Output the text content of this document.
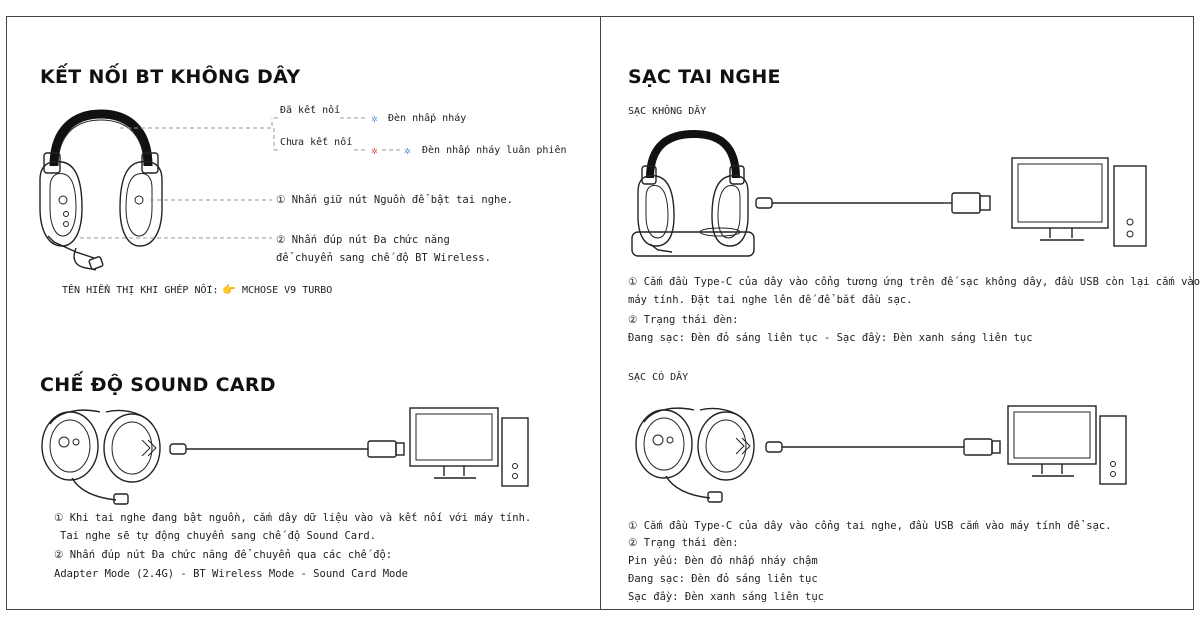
KẾT NỐI BT KHÔNG DÂY
Đã kết nối
✲ Đèn nhấp nháy
Chưa kết nối
✲ ✲ Đèn nhấp nháy luân phiên
① Nhấn giữ nút Nguồn để bật tai nghe.
② Nhấn đúp nút Đa chức năng
để chuyển sang chế độ BT Wireless.
TÊN HIỂN THỊ KHI GHÉP NỐI: 👉 MCHOSE V9 TURBO
CHẾ ĐỘ SOUND CARD
① Khi tai nghe đang bật nguồn, cắm dây dữ liệu vào và kết nối với máy tính.
Tai nghe sẽ tự động chuyển sang chế độ Sound Card.
② Nhấn đúp nút Đa chức năng để chuyển qua các chế độ:
Adapter Mode (2.4G) - BT Wireless Mode - Sound Card Mode
SẠC TAI NGHE
SẠC KHÔNG DÂY
① Cắm đầu Type-C của dây vào cổng tương ứng trên đế sạc không dây, đầu USB còn lại cắm vào
máy tính. Đặt tai nghe lên đế để bắt đầu sạc.
② Trạng thái đèn:
Đang sạc: Đèn đỏ sáng liên tục - Sạc đầy: Đèn xanh sáng liên tục
SẠC CÓ DÂY
① Cắm đầu Type-C của dây vào cổng tai nghe, đầu USB cắm vào máy tính để sạc.
② Trạng thái đèn:
Pin yếu: Đèn đỏ nhấp nháy chậm
Đang sạc: Đèn đỏ sáng liên tục
Sạc đầy: Đèn xanh sáng liên tục
